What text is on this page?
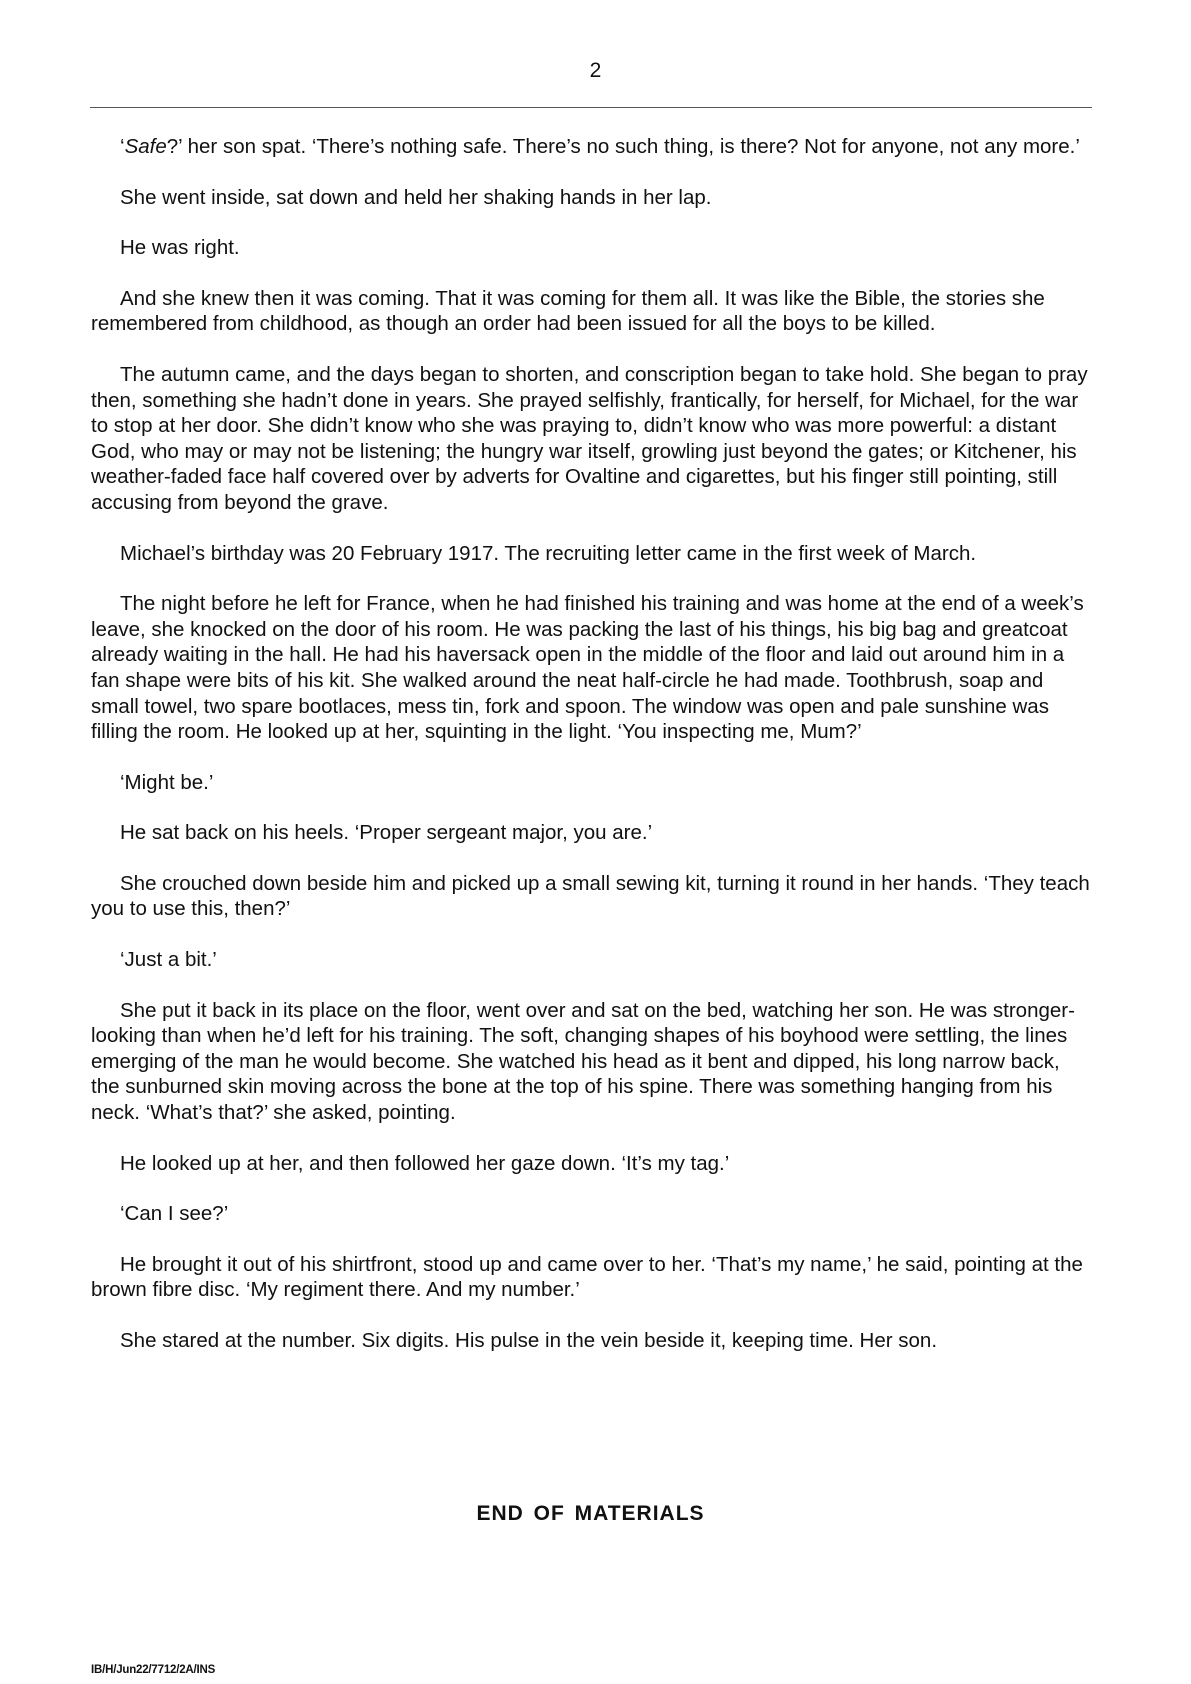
2

‘Safe?’ her son spat. ‘There’s nothing safe. There’s no such thing, is there? Not for anyone, not any more.’

She went inside, sat down and held her shaking hands in her lap.

He was right.

And she knew then it was coming. That it was coming for them all. It was like the Bible, the stories she remembered from childhood, as though an order had been issued for all the boys to be killed.

The autumn came, and the days began to shorten, and conscription began to take hold. She began to pray then, something she hadn’t done in years. She prayed selfishly, frantically, for herself, for Michael, for the war to stop at her door. She didn’t know who she was praying to, didn’t know who was more powerful: a distant God, who may or may not be listening; the hungry war itself, growling just beyond the gates; or Kitchener, his weather-faded face half covered over by adverts for Ovaltine and cigarettes, but his finger still pointing, still accusing from beyond the grave.

Michael’s birthday was 20 February 1917. The recruiting letter came in the first week of March.

The night before he left for France, when he had finished his training and was home at the end of a week’s leave, she knocked on the door of his room. He was packing the last of his things, his big bag and greatcoat already waiting in the hall. He had his haversack open in the middle of the floor and laid out around him in a fan shape were bits of his kit. She walked around the neat half-circle he had made. Toothbrush, soap and small towel, two spare bootlaces, mess tin, fork and spoon. The window was open and pale sunshine was filling the room. He looked up at her, squinting in the light. ‘You inspecting me, Mum?’

‘Might be.’

He sat back on his heels. ‘Proper sergeant major, you are.’

She crouched down beside him and picked up a small sewing kit, turning it round in her hands. ‘They teach you to use this, then?’

‘Just a bit.’

She put it back in its place on the floor, went over and sat on the bed, watching her son. He was stronger-looking than when he’d left for his training. The soft, changing shapes of his boyhood were settling, the lines emerging of the man he would become. She watched his head as it bent and dipped, his long narrow back, the sunburned skin moving across the bone at the top of his spine. There was something hanging from his neck. ‘What’s that?’ she asked, pointing.

He looked up at her, and then followed her gaze down. ‘It’s my tag.’

‘Can I see?’

He brought it out of his shirtfront, stood up and came over to her. ‘That’s my name,’ he said, pointing at the brown fibre disc. ‘My regiment there. And my number.’

She stared at the number. Six digits. His pulse in the vein beside it, keeping time. Her son.

END OF MATERIALS
IB/H/Jun22/7712/2A/INS
